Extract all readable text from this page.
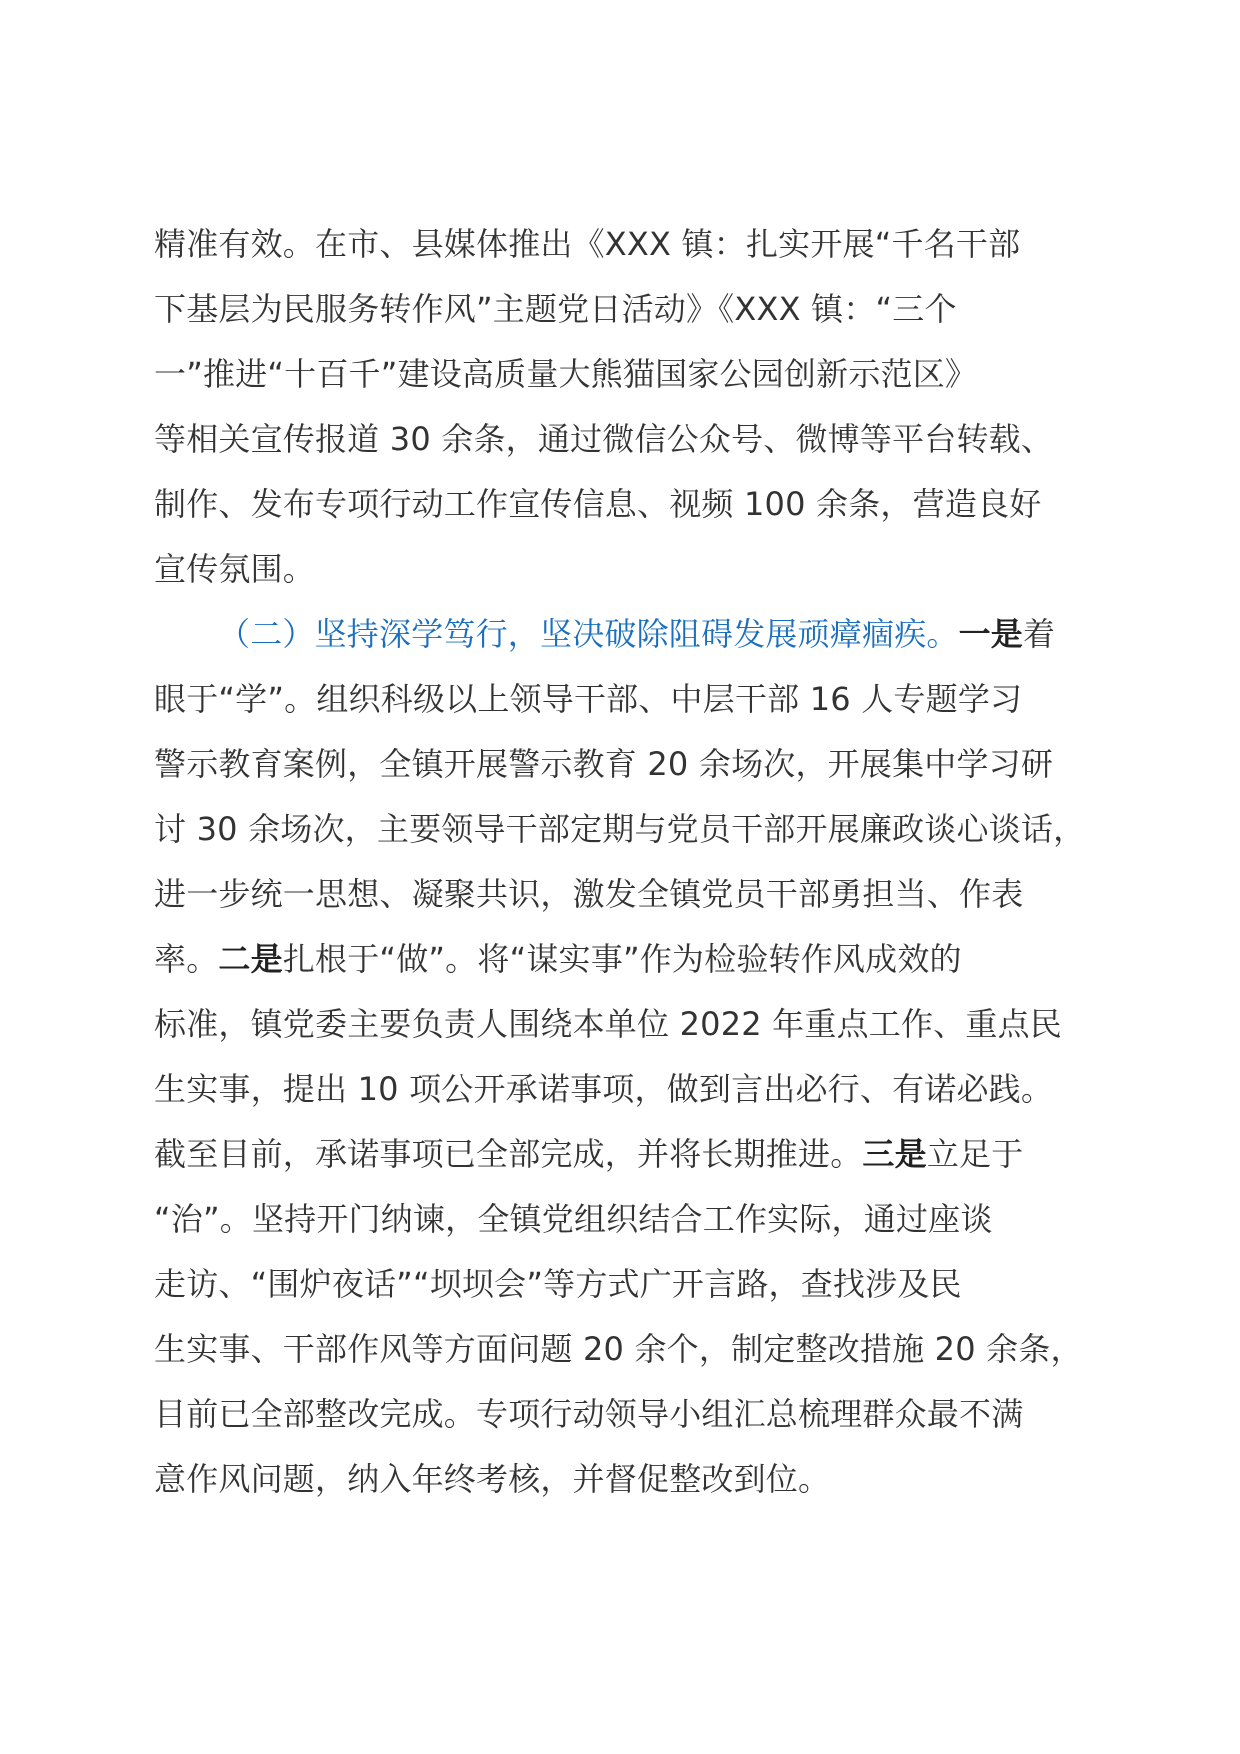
精准有效。在市、县媒体推出《XXX 镇：扎实开展“千名干部
下基层为民服务转作风”主题党日活动》《XXX 镇：“三个
一”推进“十百千”建设高质量大熊猫国家公园创新示范区》
等相关宣传报道 30 余条，通过微信公众号、微博等平台转载、
制作、发布专项行动工作宣传信息、视频 100 余条，营造良好
宣传氛围。
（二）坚持深学笃行，坚决破除阻碍发展顽瘴痼疾。一是着
眼于“学”。组织科级以上领导干部、中层干部 16 人专题学习
警示教育案例，全镇开展警示教育 20 余场次，开展集中学习研
讨 30 余场次，主要领导干部定期与党员干部开展廉政谈心谈话，
进一步统一思想、凝聚共识，激发全镇党员干部勇担当、作表
率。二是扎根于“做”。将“谋实事”作为检验转作风成效的
标准，镇党委主要负责人围绕本单位 2022 年重点工作、重点民
生实事，提出 10 项公开承诺事项，做到言出必行、有诺必践。
截至目前，承诺事项已全部完成，并将长期推进。三是立足于
“治”。坚持开门纳谏，全镇党组织结合工作实际，通过座谈
走访、“围炉夜话”“坝坝会”等方式广开言路，查找涉及民
生实事、干部作风等方面问题 20 余个，制定整改措施 20 余条，
目前已全部整改完成。专项行动领导小组汇总梳理群众最不满
意作风问题，纳入年终考核，并督促整改到位。
